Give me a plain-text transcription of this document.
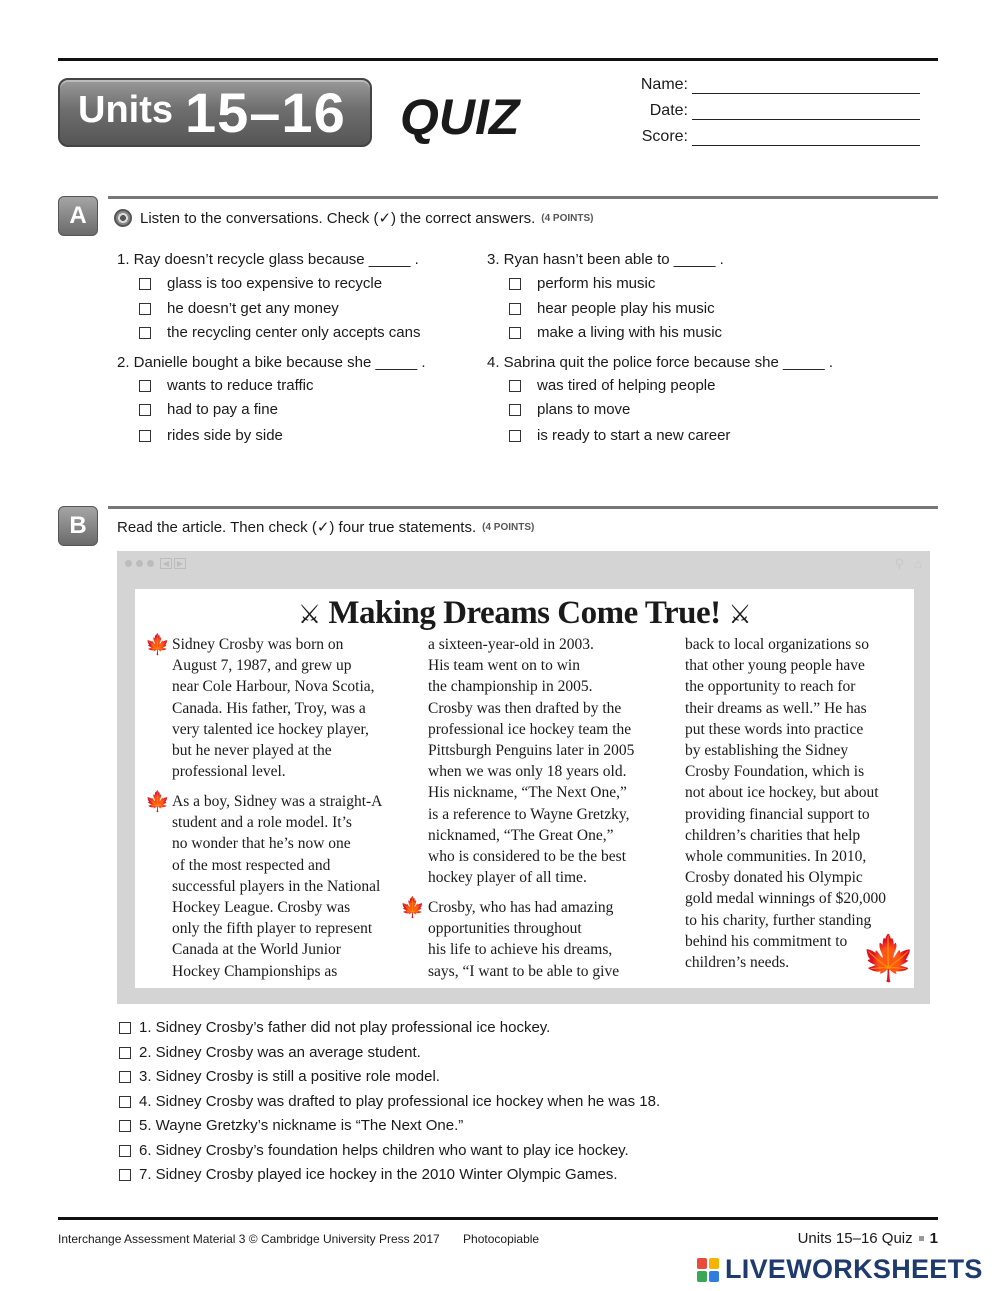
Units 15–16 QUIZ
Name:
Date:
Score:
A	Listen to the conversations. Check (✓) the correct answers. (4 POINTS)
1. Ray doesn’t recycle glass because _____ .
glass is too expensive to recycle
he doesn’t get any money
the recycling center only accepts cans
2. Danielle bought a bike because she _____ .
wants to reduce traffic
had to pay a fine
rides side by side
3. Ryan hasn’t been able to _____ .
perform his music
hear people play his music
make a living with his music
4. Sabrina quit the police force because she _____ .
was tired of helping people
plans to move
is ready to start a new career
B	Read the article. Then check (✓) four true statements. (4 POINTS)
◀ ▶	⚲ ⌂
⚔ Making Dreams Come True! ⚔
🍁 Sidney Crosby was born on
August 7, 1987, and grew up
near Cole Harbour, Nova Scotia,
Canada. His father, Troy, was a
very talented ice hockey player,
but he never played at the
professional level.
🍁 As a boy, Sidney was a straight-A
student and a role model. It’s
no wonder that he’s now one
of the most respected and
successful players in the National
Hockey League. Crosby was
only the fifth player to represent
Canada at the World Junior
Hockey Championships as
a sixteen-year-old in 2003.
His team went on to win
the championship in 2005.
Crosby was then drafted by the
professional ice hockey team the
Pittsburgh Penguins later in 2005
when we was only 18 years old.
His nickname, “The Next One,”
is a reference to Wayne Gretzky,
nicknamed, “The Great One,”
who is considered to be the best
hockey player of all time.
🍁 Crosby, who has had amazing
opportunities throughout
his life to achieve his dreams,
says, “I want to be able to give
back to local organizations so
that other young people have
the opportunity to reach for
their dreams as well.” He has
put these words into practice
by establishing the Sidney
Crosby Foundation, which is
not about ice hockey, but about
providing financial support to
children’s charities that help
whole communities. In 2010,
Crosby donated his Olympic
gold medal winnings of $20,000
to his charity, further standing
behind his commitment to
children’s needs.	🍁
1. Sidney Crosby’s father did not play professional ice hockey.
2. Sidney Crosby was an average student.
3. Sidney Crosby is still a positive role model.
4. Sidney Crosby was drafted to play professional ice hockey when he was 18.
5. Wayne Gretzky’s nickname is “The Next One.”
6. Sidney Crosby’s foundation helps children who want to play ice hockey.
7. Sidney Crosby played ice hockey in the 2010 Winter Olympic Games.
Interchange Assessment Material 3 © Cambridge University Press 2017 Photocopiable	Units 15–16 Quiz 1
LIVEWORKSHEETS
